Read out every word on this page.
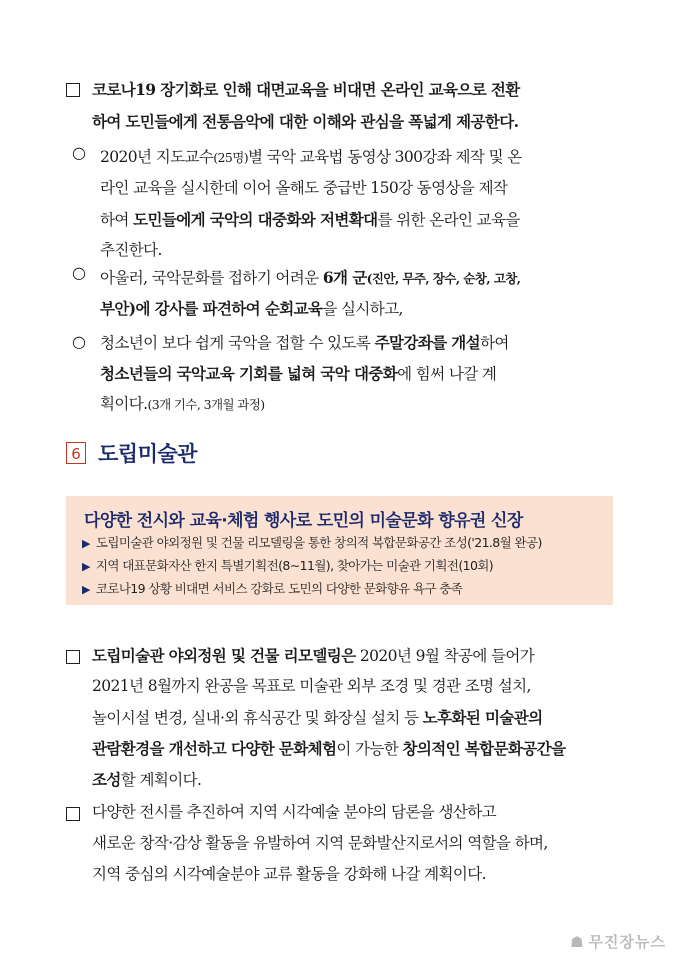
코로나19 장기화로 인해 대면교육을 비대면 온라인 교육으로 전환
하여 도민들에게 전통음악에 대한 이해와 관심을 폭넓게 제공한다.
○ 2020년 지도교수(25명)별 국악 교육법 동영상 300강좌 제작 및 온
라인 교육을 실시한데 이어 올해도 중급반 150강 동영상을 제작
하여 도민들에게 국악의 대중화와 저변확대를 위한 온라인 교육을
추진한다.
○ 아울러, 국악문화를 접하기 어려운 6개 군(진안, 무주, 장수, 순창, 고창,
부안)에 강사를 파견하여 순회교육을 실시하고,
○ 청소년이 보다 쉽게 국악을 접할 수 있도록 주말강좌를 개설하여
청소년들의 국악교육 기회를 넓혀 국악 대중화에 힘써 나갈 계
획이다.(3개 기수, 3개월 과정)
6 도립미술관
다양한 전시와 교육·체험 행사로 도민의 미술문화 향유권 신장
▶ 도립미술관 야외정원 및 건물 리모델링을 통한 창의적 복합문화공간 조성('21.8월 완공)
▶ 지역 대표문화자산 한지 특별기획전(8∼11월), 찾아가는 미술관 기획전(10회)
▶ 코로나19 상황 비대면 서비스 강화로 도민의 다양한 문화향유 욕구 충족
도립미술관 야외정원 및 건물 리모델링은 2020년 9월 착공에 들어가
2021년 8월까지 완공을 목표로 미술관 외부 조경 및 경관 조명 설치,
놀이시설 변경, 실내·외 휴식공간 및 화장실 설치 등 노후화된 미술관의
관람환경을 개선하고 다양한 문화체험이 가능한 창의적인 복합문화공간을
조성할 계획이다.
다양한 전시를 추진하여 지역 시각예술 분야의 담론을 생산하고
새로운 창작·감상 활동을 유발하여 지역 문화발산지로서의 역할을 하며,
지역 중심의 시각예술분야 교류 활동을 강화해 나갈 계획이다.
☗ 무진장뉴스
